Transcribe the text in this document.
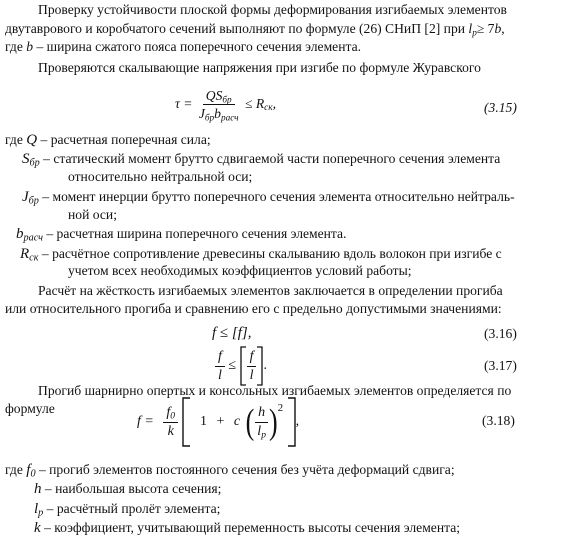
Проверку устойчивости плоской формы деформирования изгибаемых элементов
двутаврового и коробчатого сечений выполняют по формуле (26) СНиП [2] при $l_р\ge 7b$,
где b – ширина сжатого пояса поперечного сечения элемента.
Проверяются скалывающие напряжения при изгибе по формуле Журавского
τ =
$QS_{бр}$
$J_{бр}b_{расч}$
≤ $R_{ск}$,	(3.15)
где Q – расчетная поперечная сила;
$S_{бр}$ – статический момент брутто сдвигаемой части поперечного сечения элемента
относительно нейтральной оси;
$J_{бр}$ – момент инерции брутто поперечного сечения элемента относительно нейтраль-
ной оси;
$b_{расч}$ – расчетная ширина поперечного сечения элемента.
$R_{ск}$ – расчётное сопротивление древесины скалыванию вдоль волокон при изгибе с
учетом всех необходимых коэффициентов условий работы;
Расчёт на жёсткость изгибаемых элементов заключается в определении прогиба
или относительного прогиба и сравнению его с предельно допустимыми значениями:
f ≤ [f],	(3.16)
$\frac{f}{l} \le \frac{f}{l}$ .	(3.17)
Прогиб шарнирно опертых и консольных изгибаемых элементов определяется по
формуле
$f = \frac{f_0}{k} 1 + c$ ( h
$l_р$ )$^2$ ,	(3.18)
где $f_0$ – прогиб элементов постоянного сечения без учёта деформаций сдвига;
h – наибольшая высота сечения;
$l_р$ – расчётный пролёт элемента;
k – коэффициент, учитывающий переменность высоты сечения элемента;
